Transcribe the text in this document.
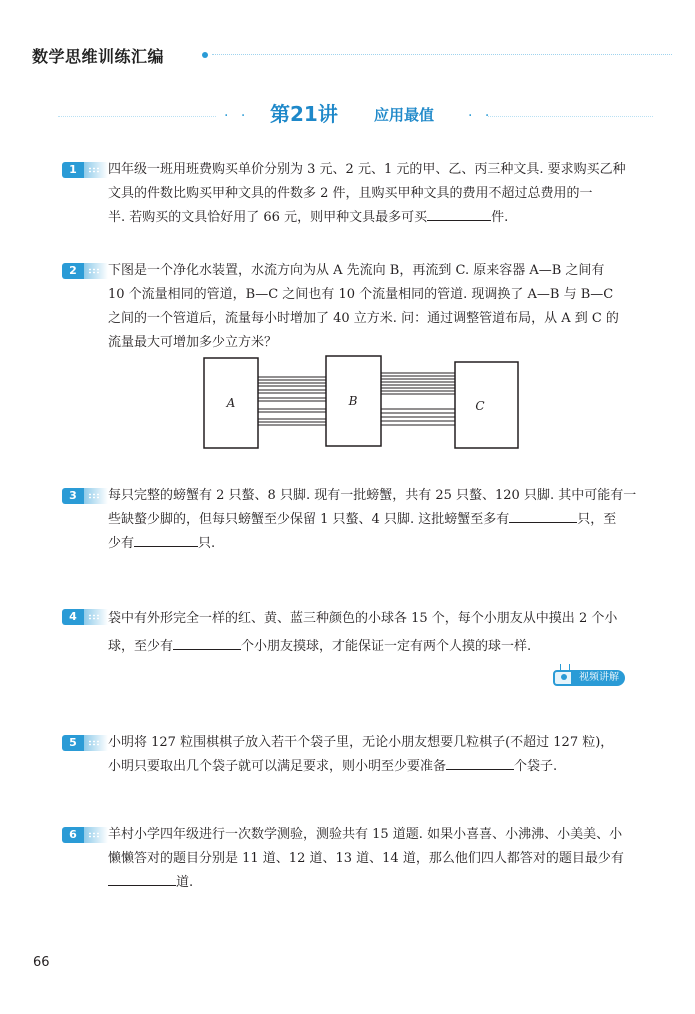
数学思维训练汇编
· · 第21讲 应用最值 · ·
1	四年级一班用班费购买单价分别为 3 元、2 元、1 元的甲、乙、丙三种文具. 要求购买乙种
文具的件数比购买甲种文具的件数多 2 件，且购买甲种文具的费用不超过总费用的一
半. 若购买的文具恰好用了 66 元，则甲种文具最多可买	件.
2	下图是一个净化水装置，水流方向为从 A 先流向 B，再流到 C. 原来容器 A—B 之间有
10 个流量相同的管道，B—C 之间也有 10 个流量相同的管道. 现调换了 A—B 与 B—C
之间的一个管道后，流量每小时增加了 40 立方米. 问：通过调整管道布局，从 A 到 C 的
流量最大可增加多少立方米？
A	B	C
3	每只完整的螃蟹有 2 只螯、8 只脚. 现有一批螃蟹，共有 25 只螯、120 只脚. 其中可能有一
些缺螯少脚的，但每只螃蟹至少保留 1 只螯、4 只脚. 这批螃蟹至多有	只，至
少有	只.
4	袋中有外形完全一样的红、黄、蓝三种颜色的小球各 15 个，每个小朋友从中摸出 2 个小
球，至少有	个小朋友摸球，才能保证一定有两个人摸的球一样.
视频讲解
5	小明将 127 粒围棋棋子放入若干个袋子里，无论小朋友想要几粒棋子(不超过 127 粒)，
小明只要取出几个袋子就可以满足要求，则小明至少要准备	个袋子.
6	羊村小学四年级进行一次数学测验，测验共有 15 道题. 如果小喜喜、小沸沸、小美美、小
懒懒答对的题目分别是 11 道、12 道、13 道、14 道，那么他们四人都答对的题目最少有
道.
66
